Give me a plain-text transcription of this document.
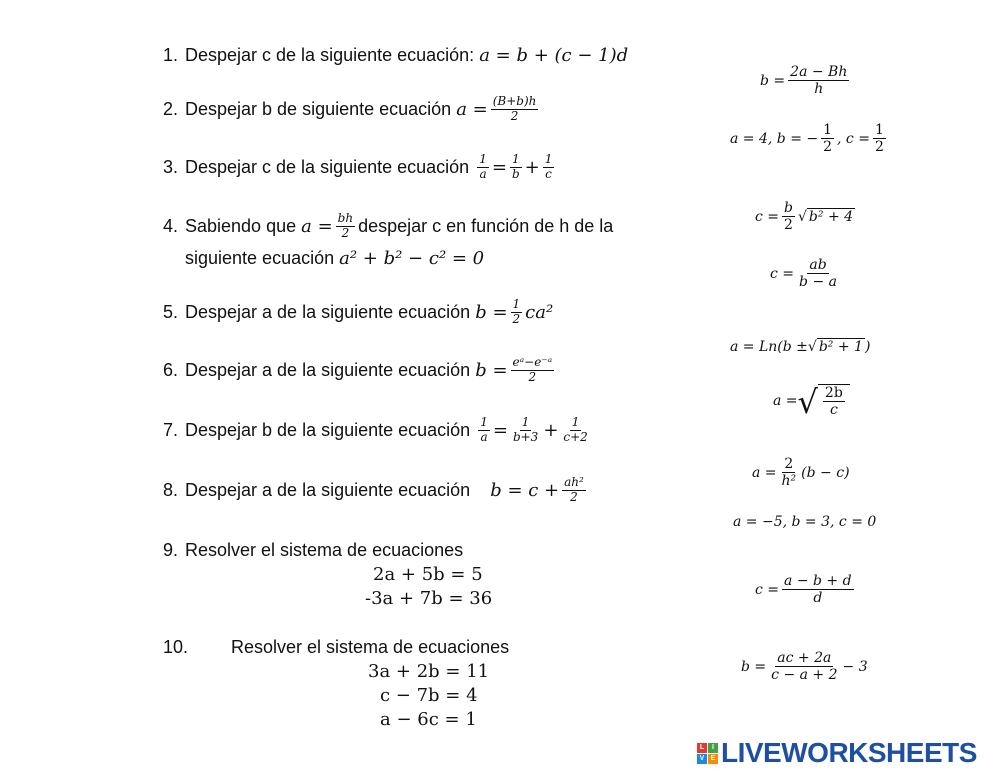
1. Despejar c de la siguiente ecuación:
a = b + (c − 1)d
2. Despejar b de siguiente ecuación
$a = \frac{(B+b)h}{2}$
3. Despejar c de la siguiente ecuación
$\frac{1}{a} = \frac{1}{b} + \frac{1}{c}$
4. Sabiendo que
$a = \frac{bh}{2}$ despejar c en función de h de la
siguiente ecuación
a² + b² − c² = 0
5. Despejar a de la siguiente ecuación
$b = \frac{1}{2} ca^2$
6. Despejar a de la siguiente ecuación
$b = \frac{\text{eᵃ−e⁻ᵃ}}{2}$
7. Despejar b de la siguiente ecuación
$\frac{1}{a} = \frac{1}{b+3} + \frac{1}{c+2}$
8. Despejar a de la siguiente ecuación
$b = c + \frac{\text{ah²}}{2}$
9. Resolver el sistema de ecuaciones
2a + 5b = 5
-3a + 7b = 36
10.	Resolver el sistema de ecuaciones
3a + 2b = 11
c − 7b = 4
a − 6c = 1
$b = \frac{2a - Bh}{h}$
a = 4, b = − $\frac{1}{2}$ , $c = \frac{1}{2}$
$c = \frac{b}{2}$ √ b² + 4
$c = \frac{ab}{b - a}$
a = Ln(b ± √ b² + 1 )
a = √ $\frac{2b}{c}$
$a = \frac{2}{\text{h²}} (b - c)$
a = −5, b = 3, c = 0
$c = \frac{a - b + d}{d}$
$b = \frac{ac + 2a}{c - a + 2} - 3$
L	I
V E LIVEWORKSHEETS
